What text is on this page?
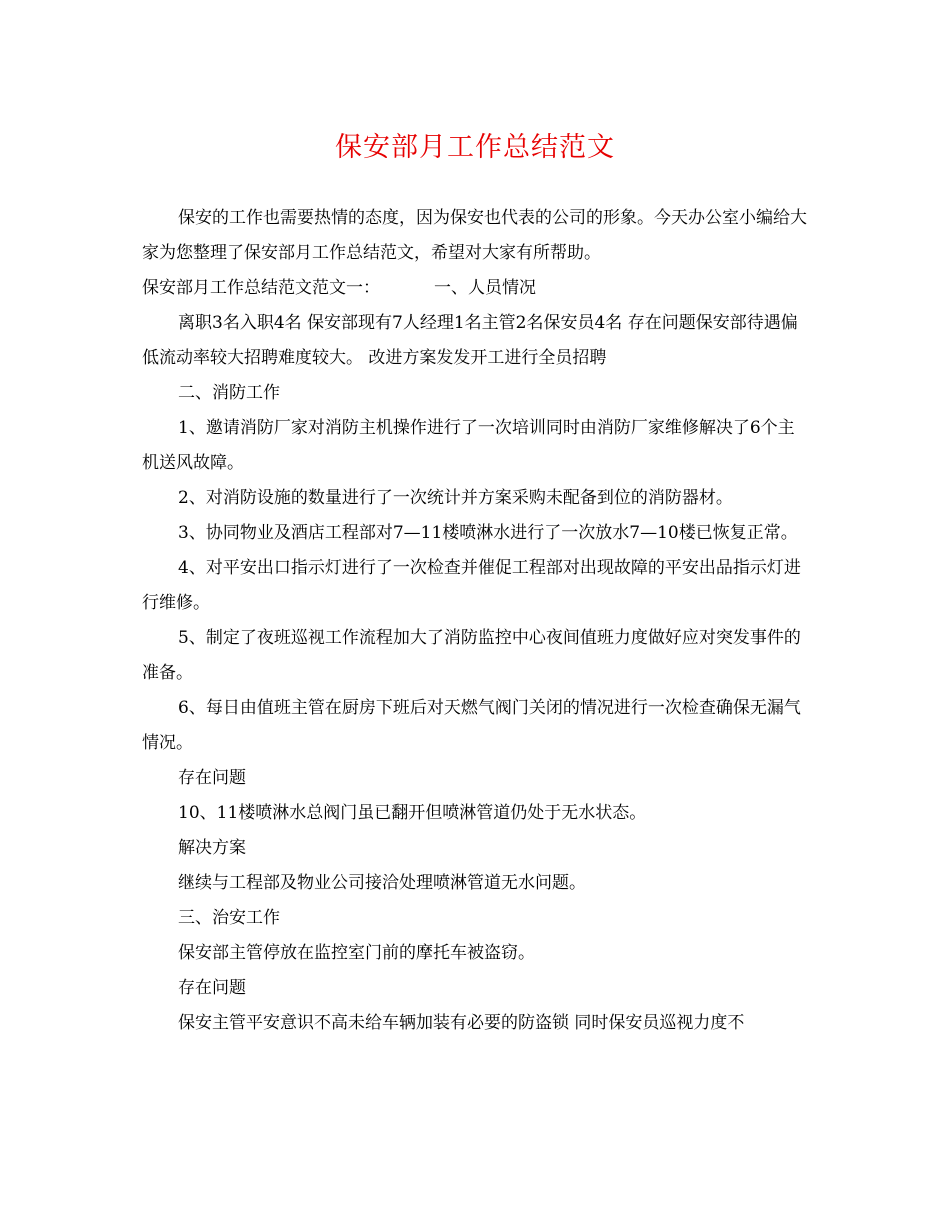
保安部月工作总结范文

保安的工作也需要热情的态度，因为保安也代表的公司的形象。今天办公室小编给大家为您整理了保安部月工作总结范文，希望对大家有所帮助。

保安部月工作总结范文范文一：	一、人员情况

离职3名入职4名 保安部现有7人经理1名主管2名保安员4名 存在问题保安部待遇偏低流动率较大招聘难度较大。 改进方案发发开工进行全员招聘

二、消防工作

1、邀请消防厂家对消防主机操作进行了一次培训同时由消防厂家维修解决了6个主机送风故障。

2、对消防设施的数量进行了一次统计并方案采购未配备到位的消防器材。

3、协同物业及酒店工程部对7—11楼喷淋水进行了一次放水7—10楼已恢复正常。

4、对平安出口指示灯进行了一次检查并催促工程部对出现故障的平安出品指示灯进行维修。

5、制定了夜班巡视工作流程加大了消防监控中心夜间值班力度做好应对突发事件的准备。

6、每日由值班主管在厨房下班后对天燃气阀门关闭的情况进行一次检查确保无漏气情况。

存在问题

10、11楼喷淋水总阀门虽已翻开但喷淋管道仍处于无水状态。

解决方案

继续与工程部及物业公司接洽处理喷淋管道无水问题。

三、治安工作

保安部主管停放在监控室门前的摩托车被盗窃。

存在问题

保安主管平安意识不高未给车辆加装有必要的防盗锁 同时保安员巡视力度不
